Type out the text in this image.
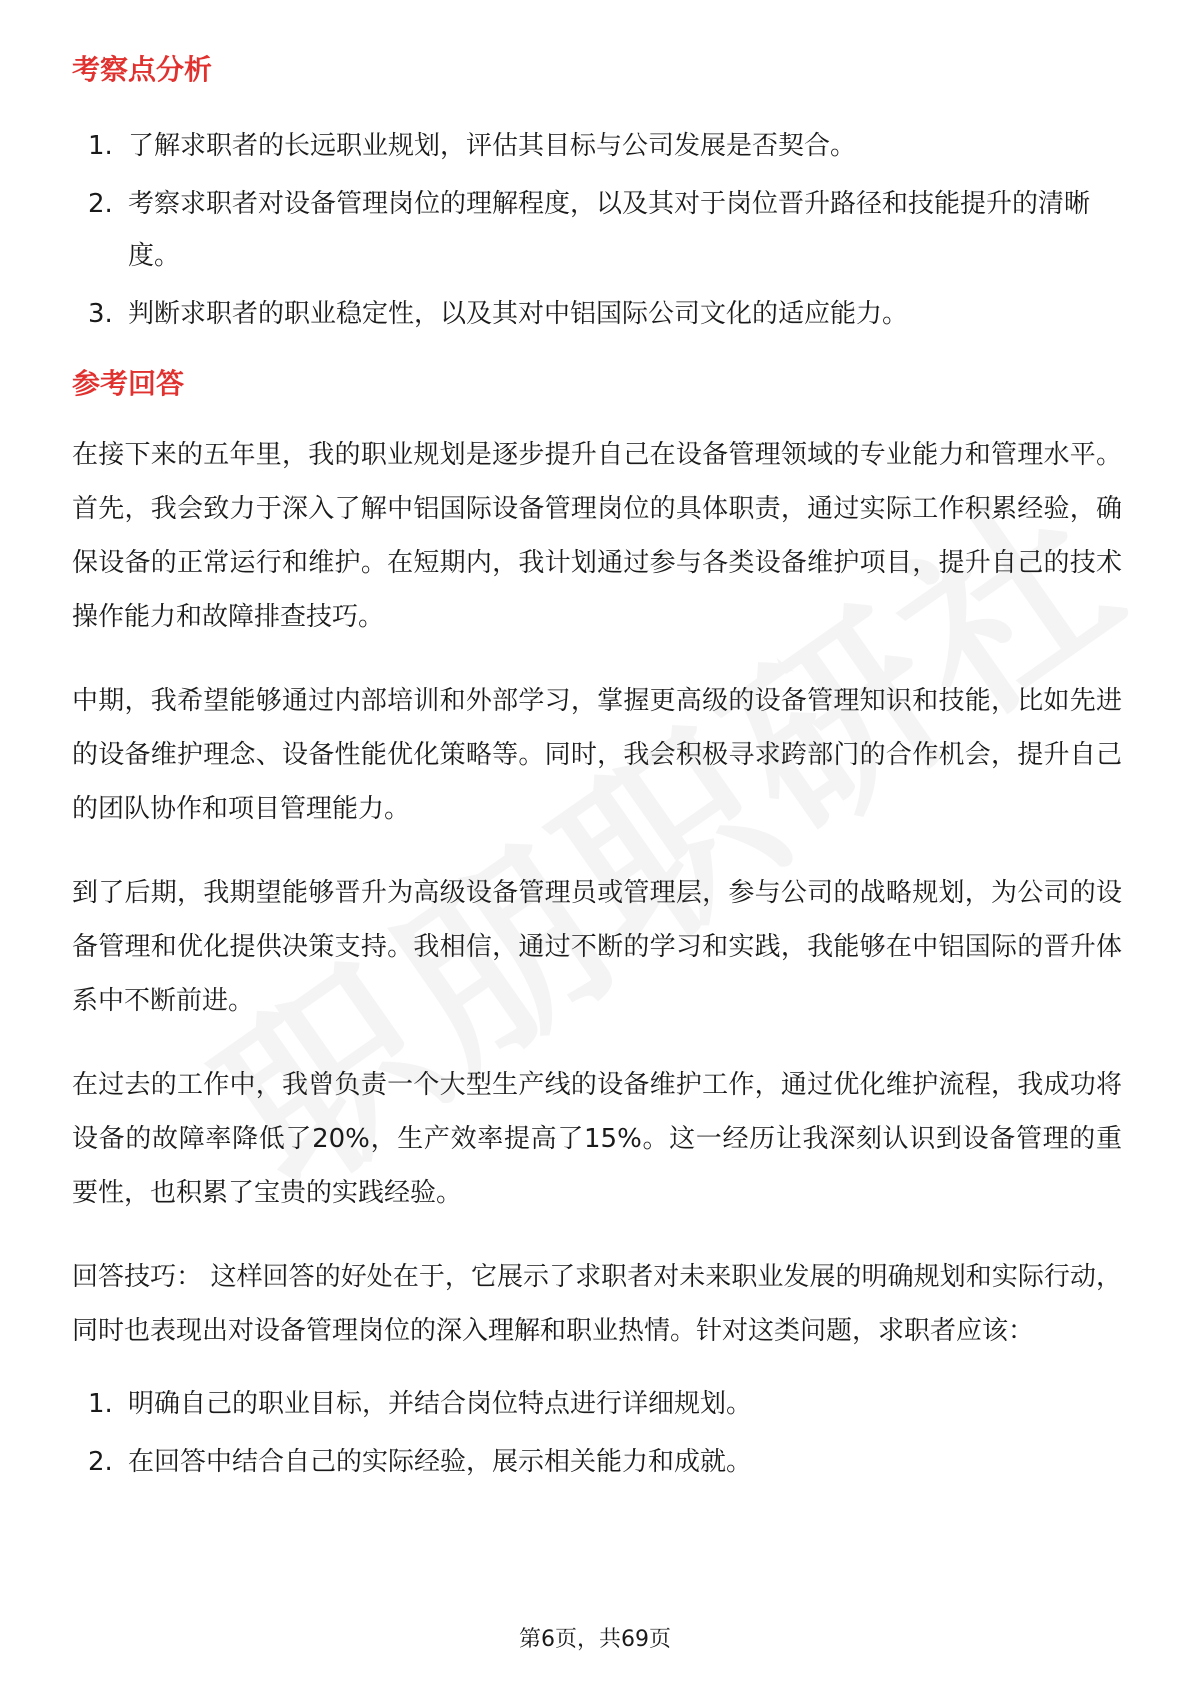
考察点分析
1. 了解求职者的长远职业规划，评估其目标与公司发展是否契合。
2. 考察求职者对设备管理岗位的理解程度，以及其对于岗位晋升路径和技能提升的清晰度。
3. 判断求职者的职业稳定性，以及其对中铝国际公司文化的适应能力。
参考回答

在接下来的五年里，我的职业规划是逐步提升自己在设备管理领域的专业能力和管理水平。首先，我会致力于深入了解中铝国际设备管理岗位的具体职责，通过实际工作积累经验，确保设备的正常运行和维护。在短期内，我计划通过参与各类设备维护项目，提升自己的技术操作能力和故障排查技巧。

中期，我希望能够通过内部培训和外部学习，掌握更高级的设备管理知识和技能，比如先进的设备维护理念、设备性能优化策略等。同时，我会积极寻求跨部门的合作机会，提升自己的团队协作和项目管理能力。

到了后期，我期望能够晋升为高级设备管理员或管理层，参与公司的战略规划，为公司的设备管理和优化提供决策支持。我相信，通过不断的学习和实践，我能够在中铝国际的晋升体系中不断前进。

在过去的工作中，我曾负责一个大型生产线的设备维护工作，通过优化维护流程，我成功将设备的故障率降低了20%，生产效率提高了15%。这一经历让我深刻认识到设备管理的重要性，也积累了宝贵的实践经验。

回答技巧： 这样回答的好处在于，它展示了求职者对未来职业发展的明确规划和实际行动，同时也表现出对设备管理岗位的深入理解和职业热情。针对这类问题，求职者应该：

1. 明确自己的职业目标，并结合岗位特点进行详细规划。
2. 在回答中结合自己的实际经验，展示相关能力和成就。
第6页，共69页
